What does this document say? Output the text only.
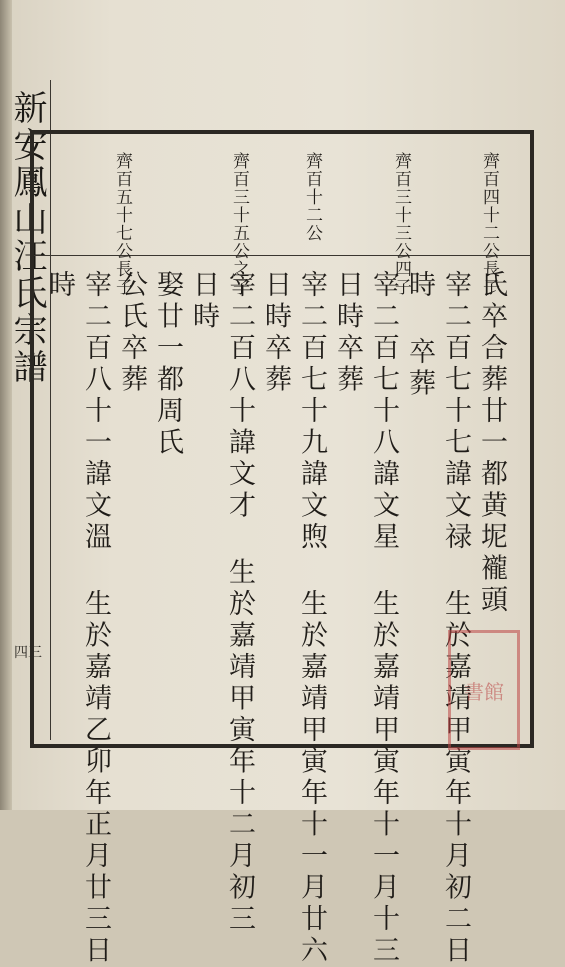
新安鳳山汪氏宗譜
四三
齊百四十二公長子
齊百三十三公四子
齊百十二公
齊百三十五公之子
齊百五十七公長子
氏卒合葬廿一都黄坭襱頭
宰二百七十七諱文禄 生於嘉靖甲寅年十月初二日
時 卒葬
宰二百七十八諱文星 生於嘉靖甲寅年十一月十三
日時卒葬
宰二百七十九諱文煦 生於嘉靖甲寅年十一月廿六
日時卒葬
宰二百八十諱文才 生於嘉靖甲寅年十二月初三
日時
娶廿一都周氏
公氏卒葬
宰二百八十一諱文溫 生於嘉靖乙卯年正月廿三日
時
書館
